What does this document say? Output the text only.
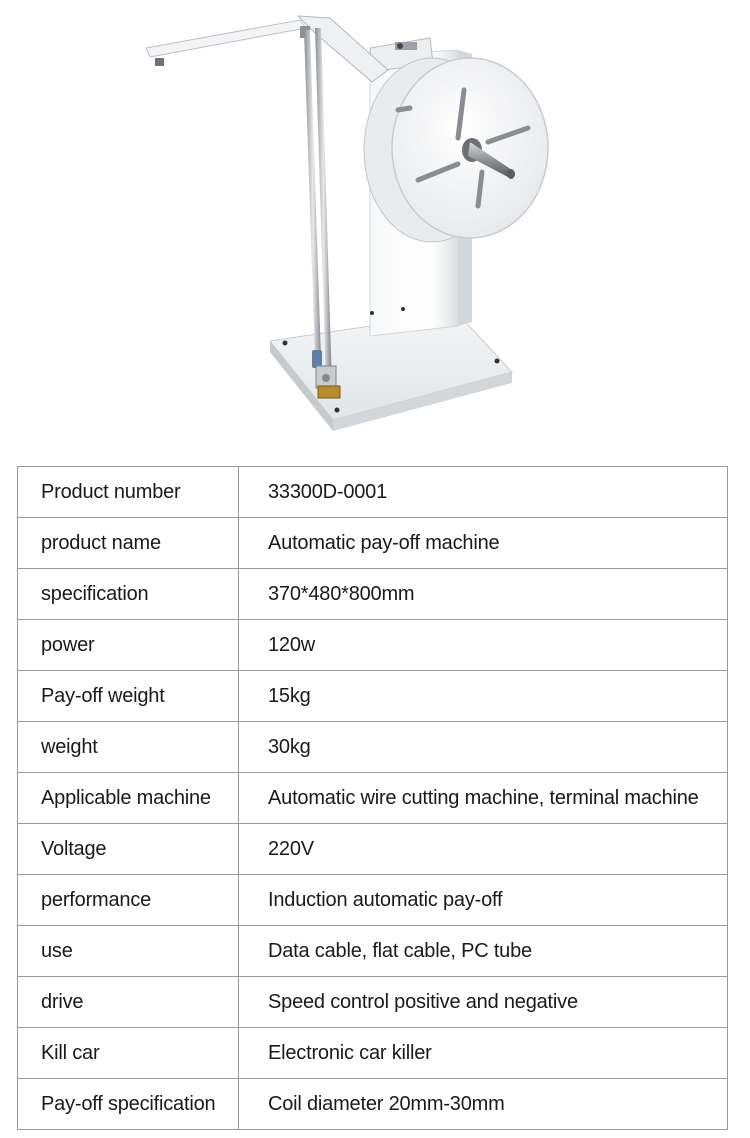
Product number	33300D-0001
product name	Automatic pay-off machine
specification	370*480*800mm
power	120w
Pay-off weight	15kg
weight	30kg
Applicable machine	Automatic wire cutting machine, terminal machine
Voltage	220V
performance	Induction automatic pay-off
use	Data cable, flat cable, PC tube
drive	Speed control positive and negative
Kill car	Electronic car killer
Pay-off specification	Coil diameter 20mm-30mm
